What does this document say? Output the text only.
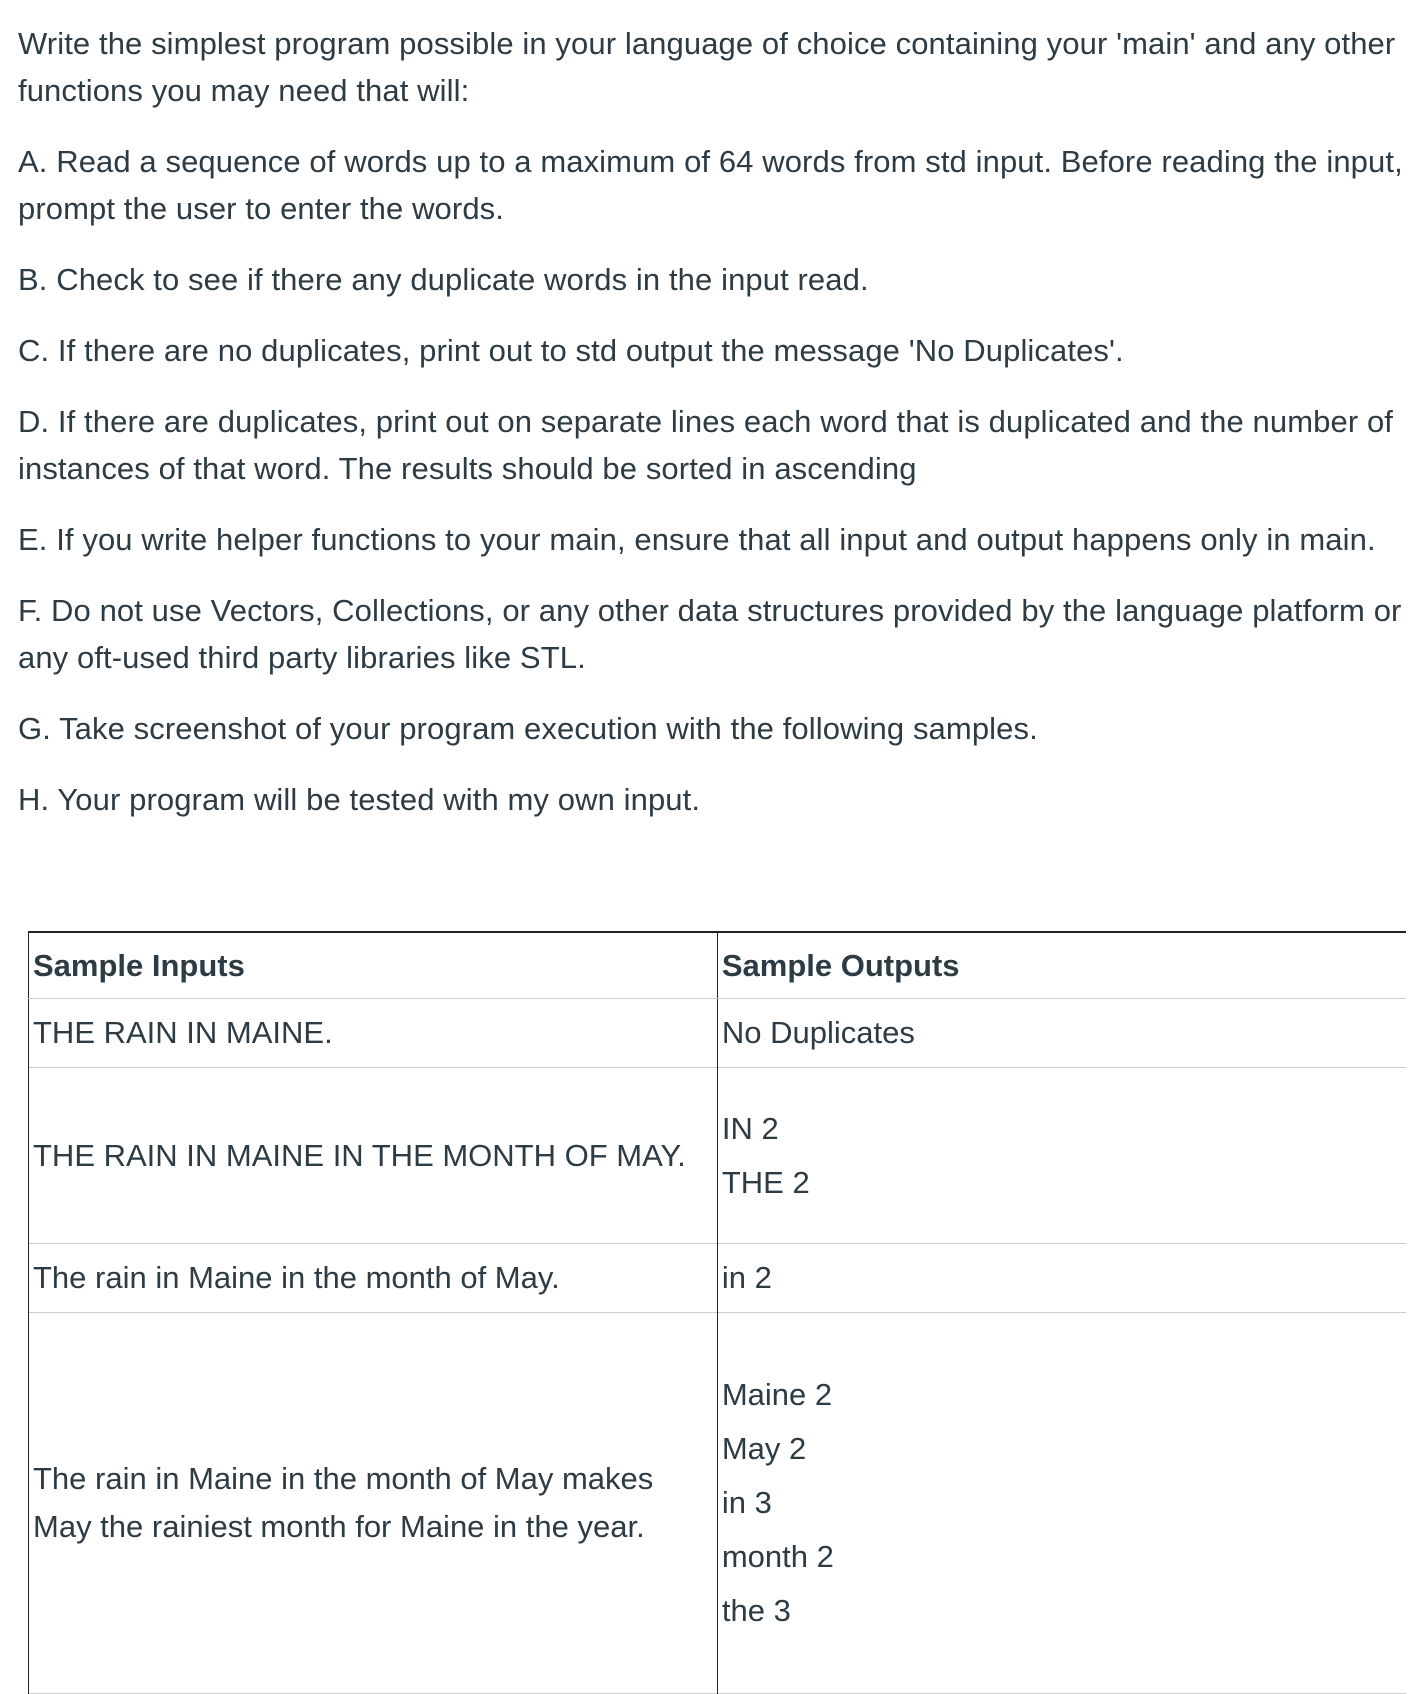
Write the simplest program possible in your language of choice containing your 'main' and any other functions you may need that will:

A. Read a sequence of words up to a maximum of 64 words from std input. Before reading the input, prompt the user to enter the words.

B. Check to see if there any duplicate words in the input read.

C. If there are no duplicates, print out to std output the message 'No Duplicates'.

D. If there are duplicates, print out on separate lines each word that is duplicated and the number of instances of that word. The results should be sorted in ascending

E. If you write helper functions to your main, ensure that all input and output happens only in main.

F. Do not use Vectors, Collections, or any other data structures provided by the language platform or any oft-used third party libraries like STL.

G. Take screenshot of your program execution with the following samples.

H. Your program will be tested with my own input.

Sample Inputs	Sample Outputs
THE RAIN IN MAINE.	No Duplicates

THE RAIN IN MAINE IN THE MONTH OF MAY.	IN 2
THE 2

The rain in Maine in the month of May.	in 2

The rain in Maine in the month of May makes May the rainiest month for Maine in the year.	Maine 2
May 2
in 3
month 2
the 3
